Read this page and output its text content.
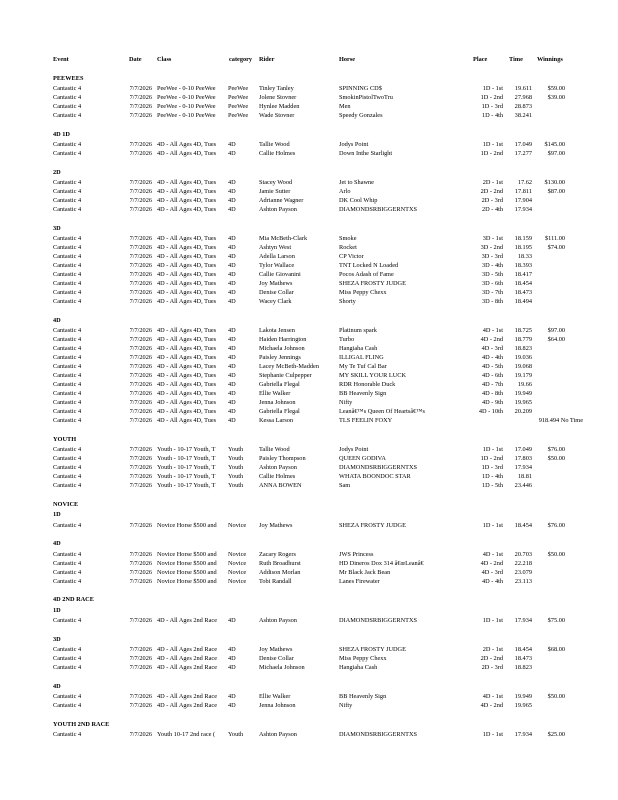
Event	Date	Class	category	Rider	Horse	Place	Time	Winnings
PEEWEES
Cantastic 4	7/7/2026 PeeWee - 0-10 PeeWee	PeeWee	Tinley Tanley	SPINNING CD$	1D - 1st	19.611	$59.00
Cantastic 4	7/7/2026 PeeWee - 0-10 PeeWee	PeeWee	Jolene Stovner	SmokinPistolTwoTru	1D - 2nd	27.968	$39.00
Cantastic 4	7/7/2026 PeeWee - 0-10 PeeWee	PeeWee	Hynlee Madden	Men	1D - 3rd	28.873
Cantastic 4	7/7/2026 PeeWee - 0-10 PeeWee	PeeWee	Wade Stovner	Speedy Gonzales	1D - 4th	38.241
4D 1D
Cantastic 4	7/7/2026 4D - All Ages 4D, Tues	4D	Tallie Wood	Jodys Point	1D - 1st	17.049	$145.00
Cantastic 4	7/7/2026 4D - All Ages 4D, Tues	4D	Callie Holmes	Down Inthe Starlight	1D - 2nd	17.277	$97.00
2D
Cantastic 4	7/7/2026 4D - All Ages 4D, Tues	4D	Stacey Wood	Jet to Shawne	2D - 1st	17.62	$130.00
Cantastic 4	7/7/2026 4D - All Ages 4D, Tues	4D	Jamie Sutter	Arlo	2D - 2nd	17.811	$87.00
Cantastic 4	7/7/2026 4D - All Ages 4D, Tues	4D	Adrianne Wagner	DK Cool Whip	2D - 3rd	17.904
Cantastic 4	7/7/2026 4D - All Ages 4D, Tues	4D	Ashton Payson	DIAMONDSRBIGGERNTXS	2D - 4th	17.934
3D
Cantastic 4	7/7/2026 4D - All Ages 4D, Tues	4D	Mia McBeth-Clark	Smoke	3D - 1st	18.159	$111.00
Cantastic 4	7/7/2026 4D - All Ages 4D, Tues	4D	Ashtyn West	Rocket	3D - 2nd	18.195	$74.00
Cantastic 4	7/7/2026 4D - All Ages 4D, Tues	4D	Adella Larson	CP Victor	3D - 3rd	18.33
Cantastic 4	7/7/2026 4D - All Ages 4D, Tues	4D	Tylor Wallace	TNT Locked N Loaded	3D - 4th	18.393
Cantastic 4	7/7/2026 4D - All Ages 4D, Tues	4D	Callie Giovanini	Pocos Adash of Fame	3D - 5th	18.417
Cantastic 4	7/7/2026 4D - All Ages 4D, Tues	4D	Joy Mathews	SHEZA FROSTY JUDGE	3D - 6th	18.454
Cantastic 4	7/7/2026 4D - All Ages 4D, Tues	4D	Denise Collar	Miss Peppy Chexx	3D - 7th	18.473
Cantastic 4	7/7/2026 4D - All Ages 4D, Tues	4D	Wacey Clark	Shorty	3D - 8th	18.494
4D
Cantastic 4	7/7/2026 4D - All Ages 4D, Tues	4D	Lakota Jensen	Platinum spark	4D - 1st	18.725	$97.00
Cantastic 4	7/7/2026 4D - All Ages 4D, Tues	4D	Haiden Harrington	Turbo	4D - 2nd	18.779	$64.00
Cantastic 4	7/7/2026 4D - All Ages 4D, Tues	4D	Michaela Johnson	Hangiaha Cash	4D - 3rd	18.823
Cantastic 4	7/7/2026 4D - All Ages 4D, Tues	4D	Paisley Jennings	ILLIGAL FLING	4D - 4th	19.036
Cantastic 4	7/7/2026 4D - All Ages 4D, Tues	4D	Lacey McBeth-Madden	My Te Tuf Cal Bar	4D - 5th	19.068
Cantastic 4	7/7/2026 4D - All Ages 4D, Tues	4D	Stephanie Culpepper	MY SKILL YOUR LUCK	4D - 6th	19.179
Cantastic 4	7/7/2026 4D - All Ages 4D, Tues	4D	Gabriella Flegal	RDR Honorable Duck	4D - 7th	19.66
Cantastic 4	7/7/2026 4D - All Ages 4D, Tues	4D	Ellie Walker	BB Heavenly Sign	4D - 8th	19.949
Cantastic 4	7/7/2026 4D - All Ages 4D, Tues	4D	Jenna Johnson	Nifty	4D - 9th	19.965
Cantastic 4	7/7/2026 4D - All Ages 4D, Tues	4D	Gabriella Flegal	Leanâ€™s Queen Of Heartsâ€™s	4D - 10th	20.209
Cantastic 4	7/7/2026 4D - All Ages 4D, Tues	4D	Kessa Larson	TLS FEELIN FOXY	918.494 No Time
YOUTH
Cantastic 4	7/7/2026 Youth - 10-17 Youth, T	Youth	Tallie Wood	Jodys Point	1D - 1st	17.049	$76.00
Cantastic 4	7/7/2026 Youth - 10-17 Youth, T	Youth	Paisley Thompson	QUEEN GODIVA	1D - 2nd	17.803	$50.00
Cantastic 4	7/7/2026 Youth - 10-17 Youth, T	Youth	Ashton Payson	DIAMONDSRBIGGERNTXS	1D - 3rd	17.934
Cantastic 4	7/7/2026 Youth - 10-17 Youth, T	Youth	Callie Holmes	WHATA BOONDOC STAR	1D - 4th	18.81
Cantastic 4	7/7/2026 Youth - 10-17 Youth, T	Youth	ANNA BOWEN	Sam	1D - 5th	23.446
NOVICE
1D
Cantastic 4	7/7/2026 Novice Horse $500 and	Novice	Joy Mathews	SHEZA FROSTY JUDGE	1D - 1st	18.454	$76.00
4D
Cantastic 4	7/7/2026 Novice Horse $500 and	Novice	Zacary Rogers	JWS Princess	4D - 1st	20.703	$50.00
Cantastic 4	7/7/2026 Novice Horse $500 and	Novice	Ruth Broadhurst	HD Dineros Dox 314 â€œLeanâ€	4D - 2nd	22.218
Cantastic 4	7/7/2026 Novice Horse $500 and	Novice	Addison Morlan	Mr Black Jack Bean	4D - 3rd	23.079
Cantastic 4	7/7/2026 Novice Horse $500 and	Novice	Tobi Randall	Lanes Firewater	4D - 4th	23.113
4D 2ND RACE
1D
Cantastic 4	7/7/2026 4D - All Ages 2nd Race	4D	Ashton Payson	DIAMONDSRBIGGERNTXS	1D - 1st	17.934	$75.00
3D
Cantastic 4	7/7/2026 4D - All Ages 2nd Race	4D	Joy Mathews	SHEZA FROSTY JUDGE	2D - 1st	18.454	$68.00
Cantastic 4	7/7/2026 4D - All Ages 2nd Race	4D	Denise Collar	Miss Peppy Chexx	2D - 2nd	18.473
Cantastic 4	7/7/2026 4D - All Ages 2nd Race	4D	Michaela Johnson	Hangiaha Cash	2D - 3rd	18.823
4D
Cantastic 4	7/7/2026 4D - All Ages 2nd Race	4D	Ellie Walker	BB Heavenly Sign	4D - 1st	19.949	$50.00
Cantastic 4	7/7/2026 4D - All Ages 2nd Race	4D	Jenna Johnson	Nifty	4D - 2nd	19.965
YOUTH 2ND RACE
Cantastic 4	7/7/2026 Youth 10-17 2nd race (	Youth	Ashton Payson	DIAMONDSRBIGGERNTXS	1D - 1st	17.934	$25.00
